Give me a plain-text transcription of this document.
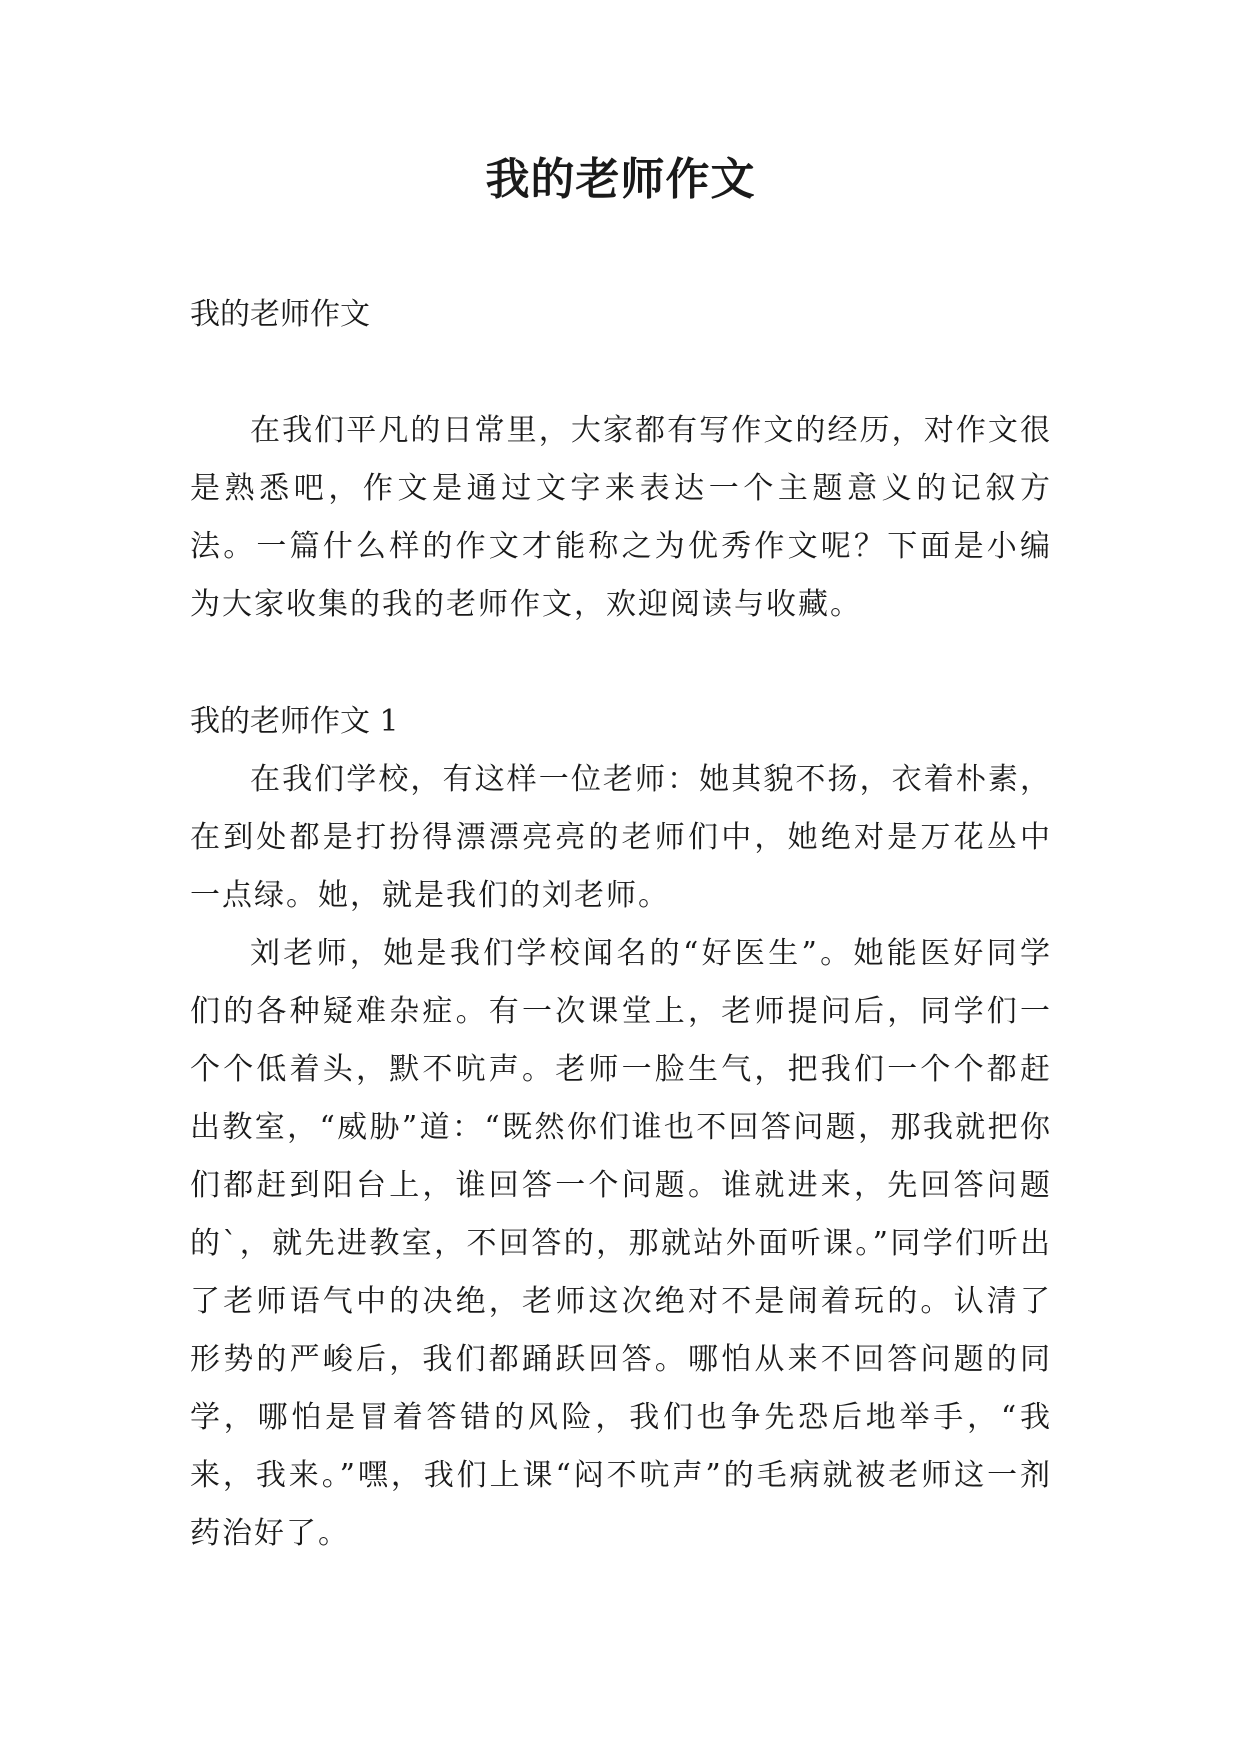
我的老师作文

我的老师作文

在我们平凡的日常里，大家都有写作文的经历，对作文很是熟悉吧，作文是通过文字来表达一个主题意义的记叙方法。一篇什么样的作文才能称之为优秀作文呢？下面是小编为大家收集的我的老师作文，欢迎阅读与收藏。

我的老师作文 1

在我们学校，有这样一位老师：她其貌不扬，衣着朴素，在到处都是打扮得漂漂亮亮的老师们中，她绝对是万花丛中一点绿。她，就是我们的刘老师。

刘老师，她是我们学校闻名的“好医生”。她能医好同学们的各种疑难杂症。有一次课堂上，老师提问后，同学们一个个低着头，默不吭声。老师一脸生气，把我们一个个都赶出教室，“威胁”道：“既然你们谁也不回答问题，那我就把你们都赶到阳台上，谁回答一个问题。谁就进来，先回答问题的`，就先进教室，不回答的，那就站外面听课。”同学们听出了老师语气中的决绝，老师这次绝对不是闹着玩的。认清了形势的严峻后，我们都踊跃回答。哪怕从来不回答问题的同学，哪怕是冒着答错的风险，我们也争先恐后地举手，“我来，我来。”嘿，我们上课“闷不吭声”的毛病就被老师这一剂药治好了。
